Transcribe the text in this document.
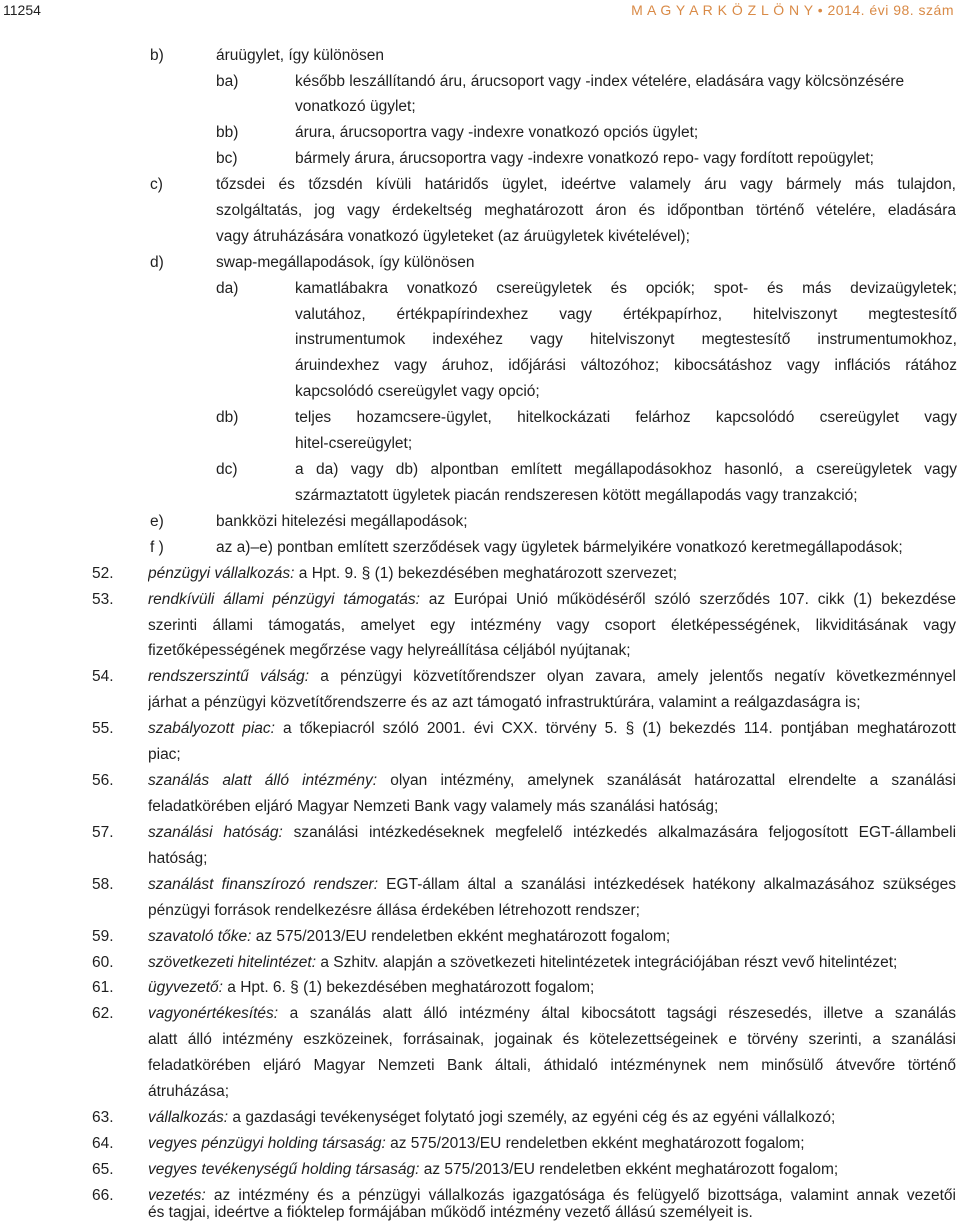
11254	M A G Y A R K Ö Z L Ö N Y • 2014. évi 98. szám
b)	áruügylet, így különösen
ba)	később leszállítandó áru, árucsoport vagy -index vételére, eladására vagy kölcsönzésére
vonatkozó ügylet;
bb)	árura, árucsoportra vagy -indexre vonatkozó opciós ügylet;
bc)	bármely árura, árucsoportra vagy -indexre vonatkozó repo- vagy fordított repoügylet;
c)	tőzsdei és tőzsdén kívüli határidős ügylet, ideértve valamely áru vagy bármely más tulajdon,
szolgáltatás, jog vagy érdekeltség meghatározott áron és időpontban történő vételére, eladására
vagy átruházására vonatkozó ügyleteket (az áruügyletek kivételével);
d)	swap-megállapodások, így különösen
da)	kamatlábakra vonatkozó csereügyletek és opciók; spot- és más devizaügyletek;
valutához, értékpapírindexhez vagy értékpapírhoz, hitelviszonyt megtestesítő
instrumentumok indexéhez vagy hitelviszonyt megtestesítő instrumentumokhoz,
áruindexhez vagy áruhoz, időjárási változóhoz; kibocsátáshoz vagy inflációs rátához
kapcsolódó csereügylet vagy opció;
db)	teljes hozamcsere-ügylet, hitelkockázati felárhoz kapcsolódó csereügylet vagy
hitel-csereügylet;
dc)	a da) vagy db) alpontban említett megállapodásokhoz hasonló, a csereügyletek vagy
származtatott ügyletek piacán rendszeresen kötött megállapodás vagy tranzakció;
e)	bankközi hitelezési megállapodások;
f )	az a)–e) pontban említett szerződések vagy ügyletek bármelyikére vonatkozó keretmegállapodások;
52. pénzügyi vállalkozás: a Hpt. 9. § (1) bekezdésében meghatározott szervezet;
53. rendkívüli állami pénzügyi támogatás: az Európai Unió működéséről szóló szerződés 107. cikk (1) bekezdése
szerinti állami támogatás, amelyet egy intézmény vagy csoport életképességének, likviditásának vagy
fizetőképességének megőrzése vagy helyreállítása céljából nyújtanak;
54. rendszerszintű válság: a pénzügyi közvetítőrendszer olyan zavara, amely jelentős negatív következménnyel
járhat a pénzügyi közvetítőrendszerre és az azt támogató infrastruktúrára, valamint a reálgazdaságra is;
55. szabályozott piac: a tőkepiacról szóló 2001. évi CXX. törvény 5. § (1) bekezdés 114. pontjában meghatározott
piac;
56. szanálás alatt álló intézmény: olyan intézmény, amelynek szanálását határozattal elrendelte a szanálási
feladatkörében eljáró Magyar Nemzeti Bank vagy valamely más szanálási hatóság;
57. szanálási hatóság: szanálási intézkedéseknek megfelelő intézkedés alkalmazására feljogosított EGT-állambeli
hatóság;
58. szanálást finanszírozó rendszer: EGT-állam által a szanálási intézkedések hatékony alkalmazásához szükséges
pénzügyi források rendelkezésre állása érdekében létrehozott rendszer;
59. szavatoló tőke: az 575/2013/EU rendeletben ekként meghatározott fogalom;
60. szövetkezeti hitelintézet: a Szhitv. alapján a szövetkezeti hitelintézetek integrációjában részt vevő hitelintézet;
61. ügyvezető: a Hpt. 6. § (1) bekezdésében meghatározott fogalom;
62. vagyonértékesítés: a szanálás alatt álló intézmény által kibocsátott tagsági részesedés, illetve a szanálás
alatt álló intézmény eszközeinek, forrásainak, jogainak és kötelezettségeinek e törvény szerinti, a szanálási
feladatkörében eljáró Magyar Nemzeti Bank általi, áthidaló intézménynek nem minősülő átvevőre történő
átruházása;
63. vállalkozás: a gazdasági tevékenységet folytató jogi személy, az egyéni cég és az egyéni vállalkozó;
64. vegyes pénzügyi holding társaság: az 575/2013/EU rendeletben ekként meghatározott fogalom;
65. vegyes tevékenységű holding társaság: az 575/2013/EU rendeletben ekként meghatározott fogalom;
66. vezetés: az intézmény és a pénzügyi vállalkozás igazgatósága és felügyelő bizottsága, valamint annak vezetői
és tagjai, ideértve a fióktelep formájában működő intézmény vezető állású személyeit is.
